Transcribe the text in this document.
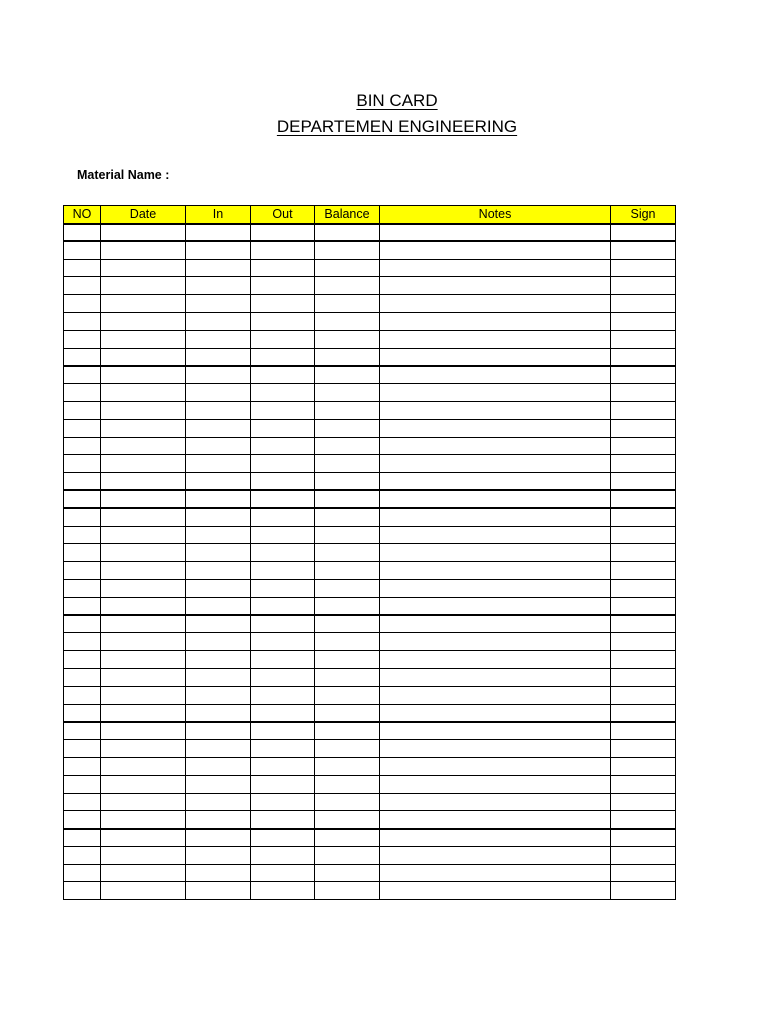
BIN CARD
DEPARTEMEN ENGINEERING
Material Name :
NO	Date	In	Out	Balance	Notes	Sign
